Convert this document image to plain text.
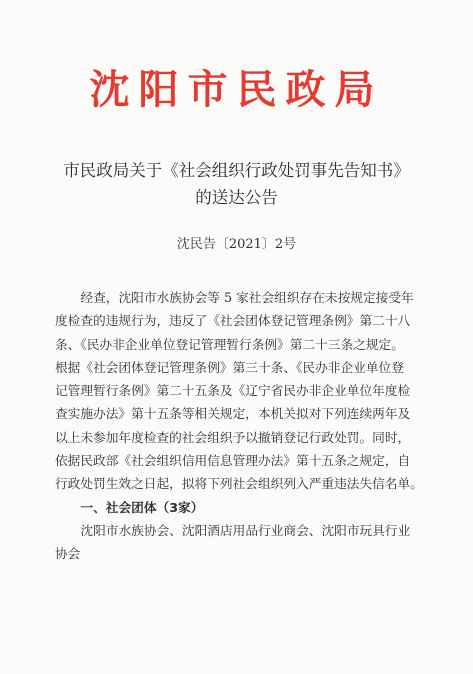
沈阳市民政局
市民政局关于《社会组织行政处罚事先告知书》
的送达公告
沈民告〔2021〕2号

经查，沈阳市水族协会等 5 家社会组织存在未按规定接受年
度检查的违规行为，违反了《社会团体登记管理条例》第二十八
条、《民办非企业单位登记管理暂行条例》第二十三条之规定。
根据《社会团体登记管理条例》第三十条、《民办非企业单位登
记管理暂行条例》第二十五条及《辽宁省民办非企业单位年度检
查实施办法》第十五条等相关规定，本机关拟对下列连续两年及
以上未参加年度检查的社会组织予以撤销登记行政处罚。同时，
依据民政部《社会组织信用信息管理办法》第十五条之规定，自
行政处罚生效之日起，拟将下列社会组织列入严重违法失信名单。

一、社会团体（3家）

沈阳市水族协会、沈阳酒店用品行业商会、沈阳市玩具行业
协会
